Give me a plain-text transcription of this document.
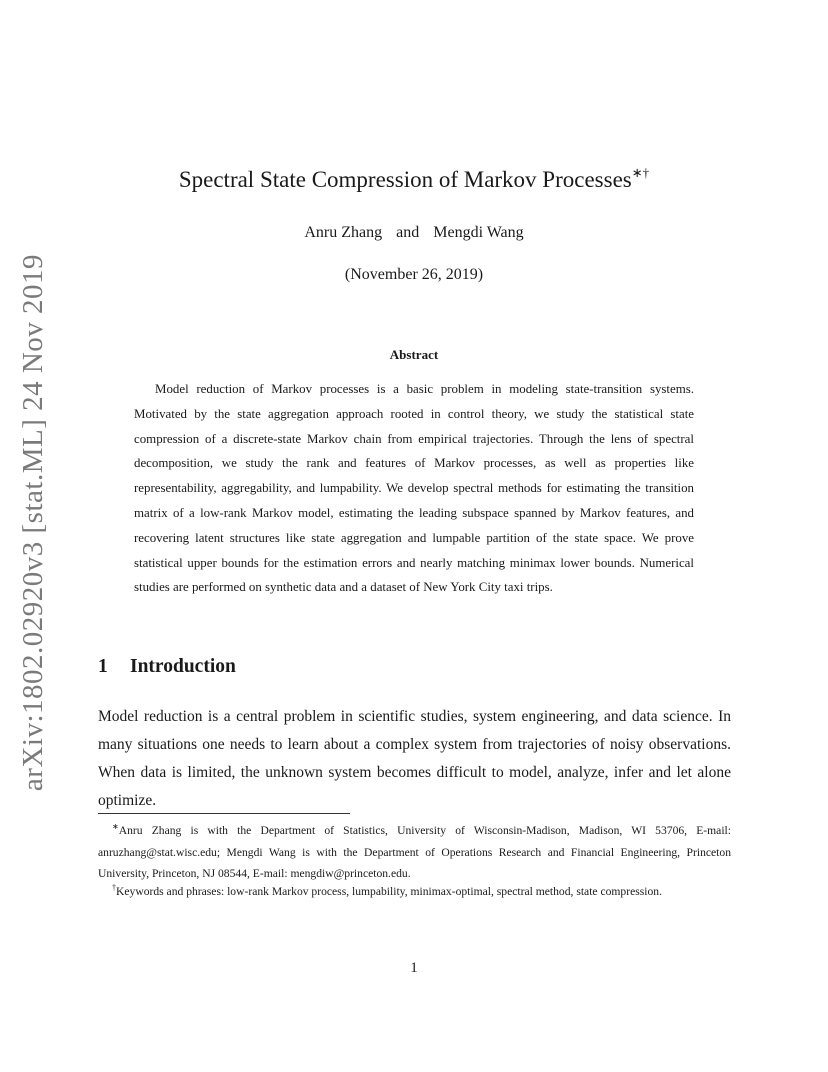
arXiv:1802.02920v3 [stat.ML] 24 Nov 2019
Spectral State Compression of Markov Processes∗†
Anru Zhang and Mengdi Wang
(November 26, 2019)
Abstract

Model reduction of Markov processes is a basic problem in modeling state-transition systems. Motivated by the state aggregation approach rooted in control theory, we study the statistical state compression of a discrete-state Markov chain from empirical trajectories. Through the lens of spectral decomposition, we study the rank and features of Markov processes, as well as properties like representability, aggregability, and lumpability. We develop spectral methods for estimating the transition matrix of a low-rank Markov model, estimating the leading subspace spanned by Markov features, and recovering latent structures like state aggregation and lumpable partition of the state space. We prove statistical upper bounds for the estimation errors and nearly matching minimax lower bounds. Numerical studies are performed on synthetic data and a dataset of New York City taxi trips.

1 Introduction

Model reduction is a central problem in scientific studies, system engineering, and data science. In many situations one needs to learn about a complex system from trajectories of noisy observations. When data is limited, the unknown system becomes difficult to model, analyze, infer and let alone optimize.

∗Anru Zhang is with the Department of Statistics, University of Wisconsin-Madison, Madison, WI 53706, E-mail: anruzhang@stat.wisc.edu; Mengdi Wang is with the Department of Operations Research and Financial Engineering, Princeton University, Princeton, NJ 08544, E-mail: mengdiw@princeton.edu.

†Keywords and phrases: low-rank Markov process, lumpability, minimax-optimal, spectral method, state compression.

1
